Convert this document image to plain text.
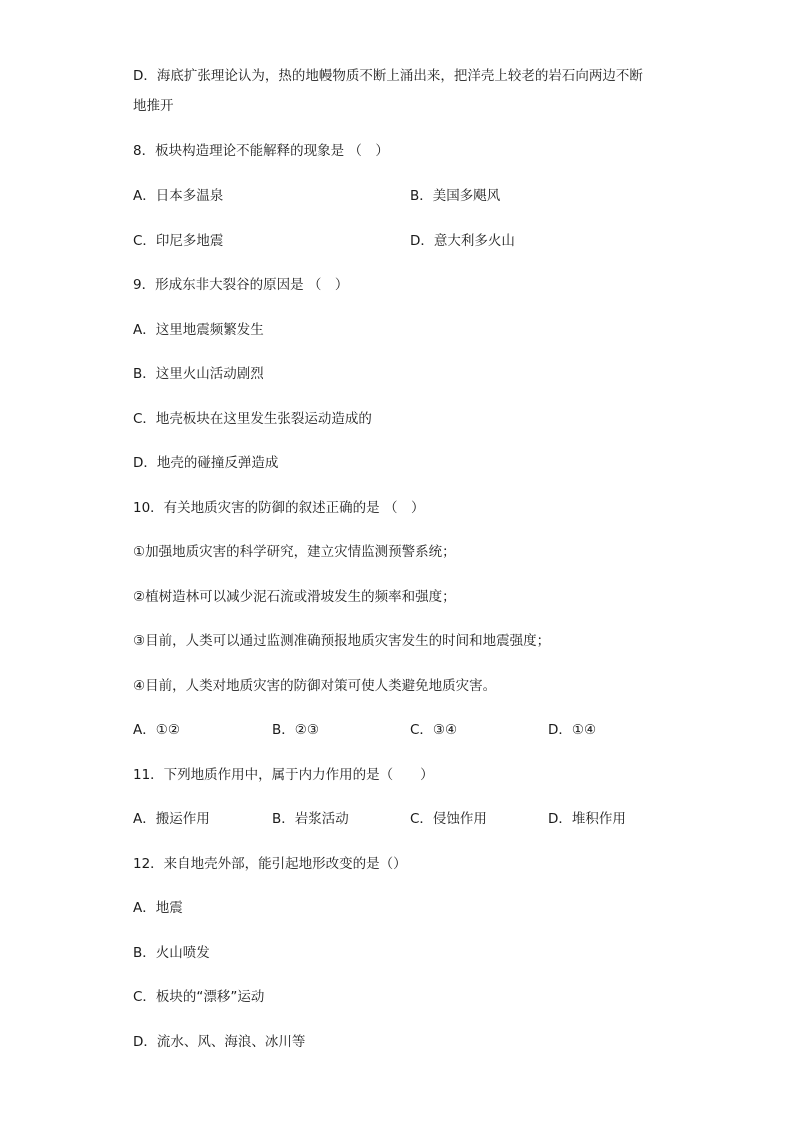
D．海底扩张理论认为，热的地幔物质不断上涌出来，把洋壳上较老的岩石向两边不断
地推开
8．板块构造理论不能解释的现象是 （　）
A．日本多温泉	B．美国多飓风
C．印尼多地震	D．意大利多火山
9．形成东非大裂谷的原因是 （　）
A．这里地震频繁发生
B．这里火山活动剧烈
C．地壳板块在这里发生张裂运动造成的
D．地壳的碰撞反弹造成
10．有关地质灾害的防御的叙述正确的是 （　）
①加强地质灾害的科学研究，建立灾情监测预警系统；
②植树造林可以减少泥石流或滑坡发生的频率和强度；
③目前，人类可以通过监测准确预报地质灾害发生的时间和地震强度；
④目前，人类对地质灾害的防御对策可使人类避免地质灾害。
A．①②	B．②③	C．③④	D．①④
11．下列地质作用中，属于内力作用的是（　　）
A．搬运作用	B．岩浆活动	C．侵蚀作用	D．堆积作用
12．来自地壳外部，能引起地形改变的是（）
A．地震
B．火山喷发
C．板块的“漂移”运动
D．流水、风、海浪、冰川等
